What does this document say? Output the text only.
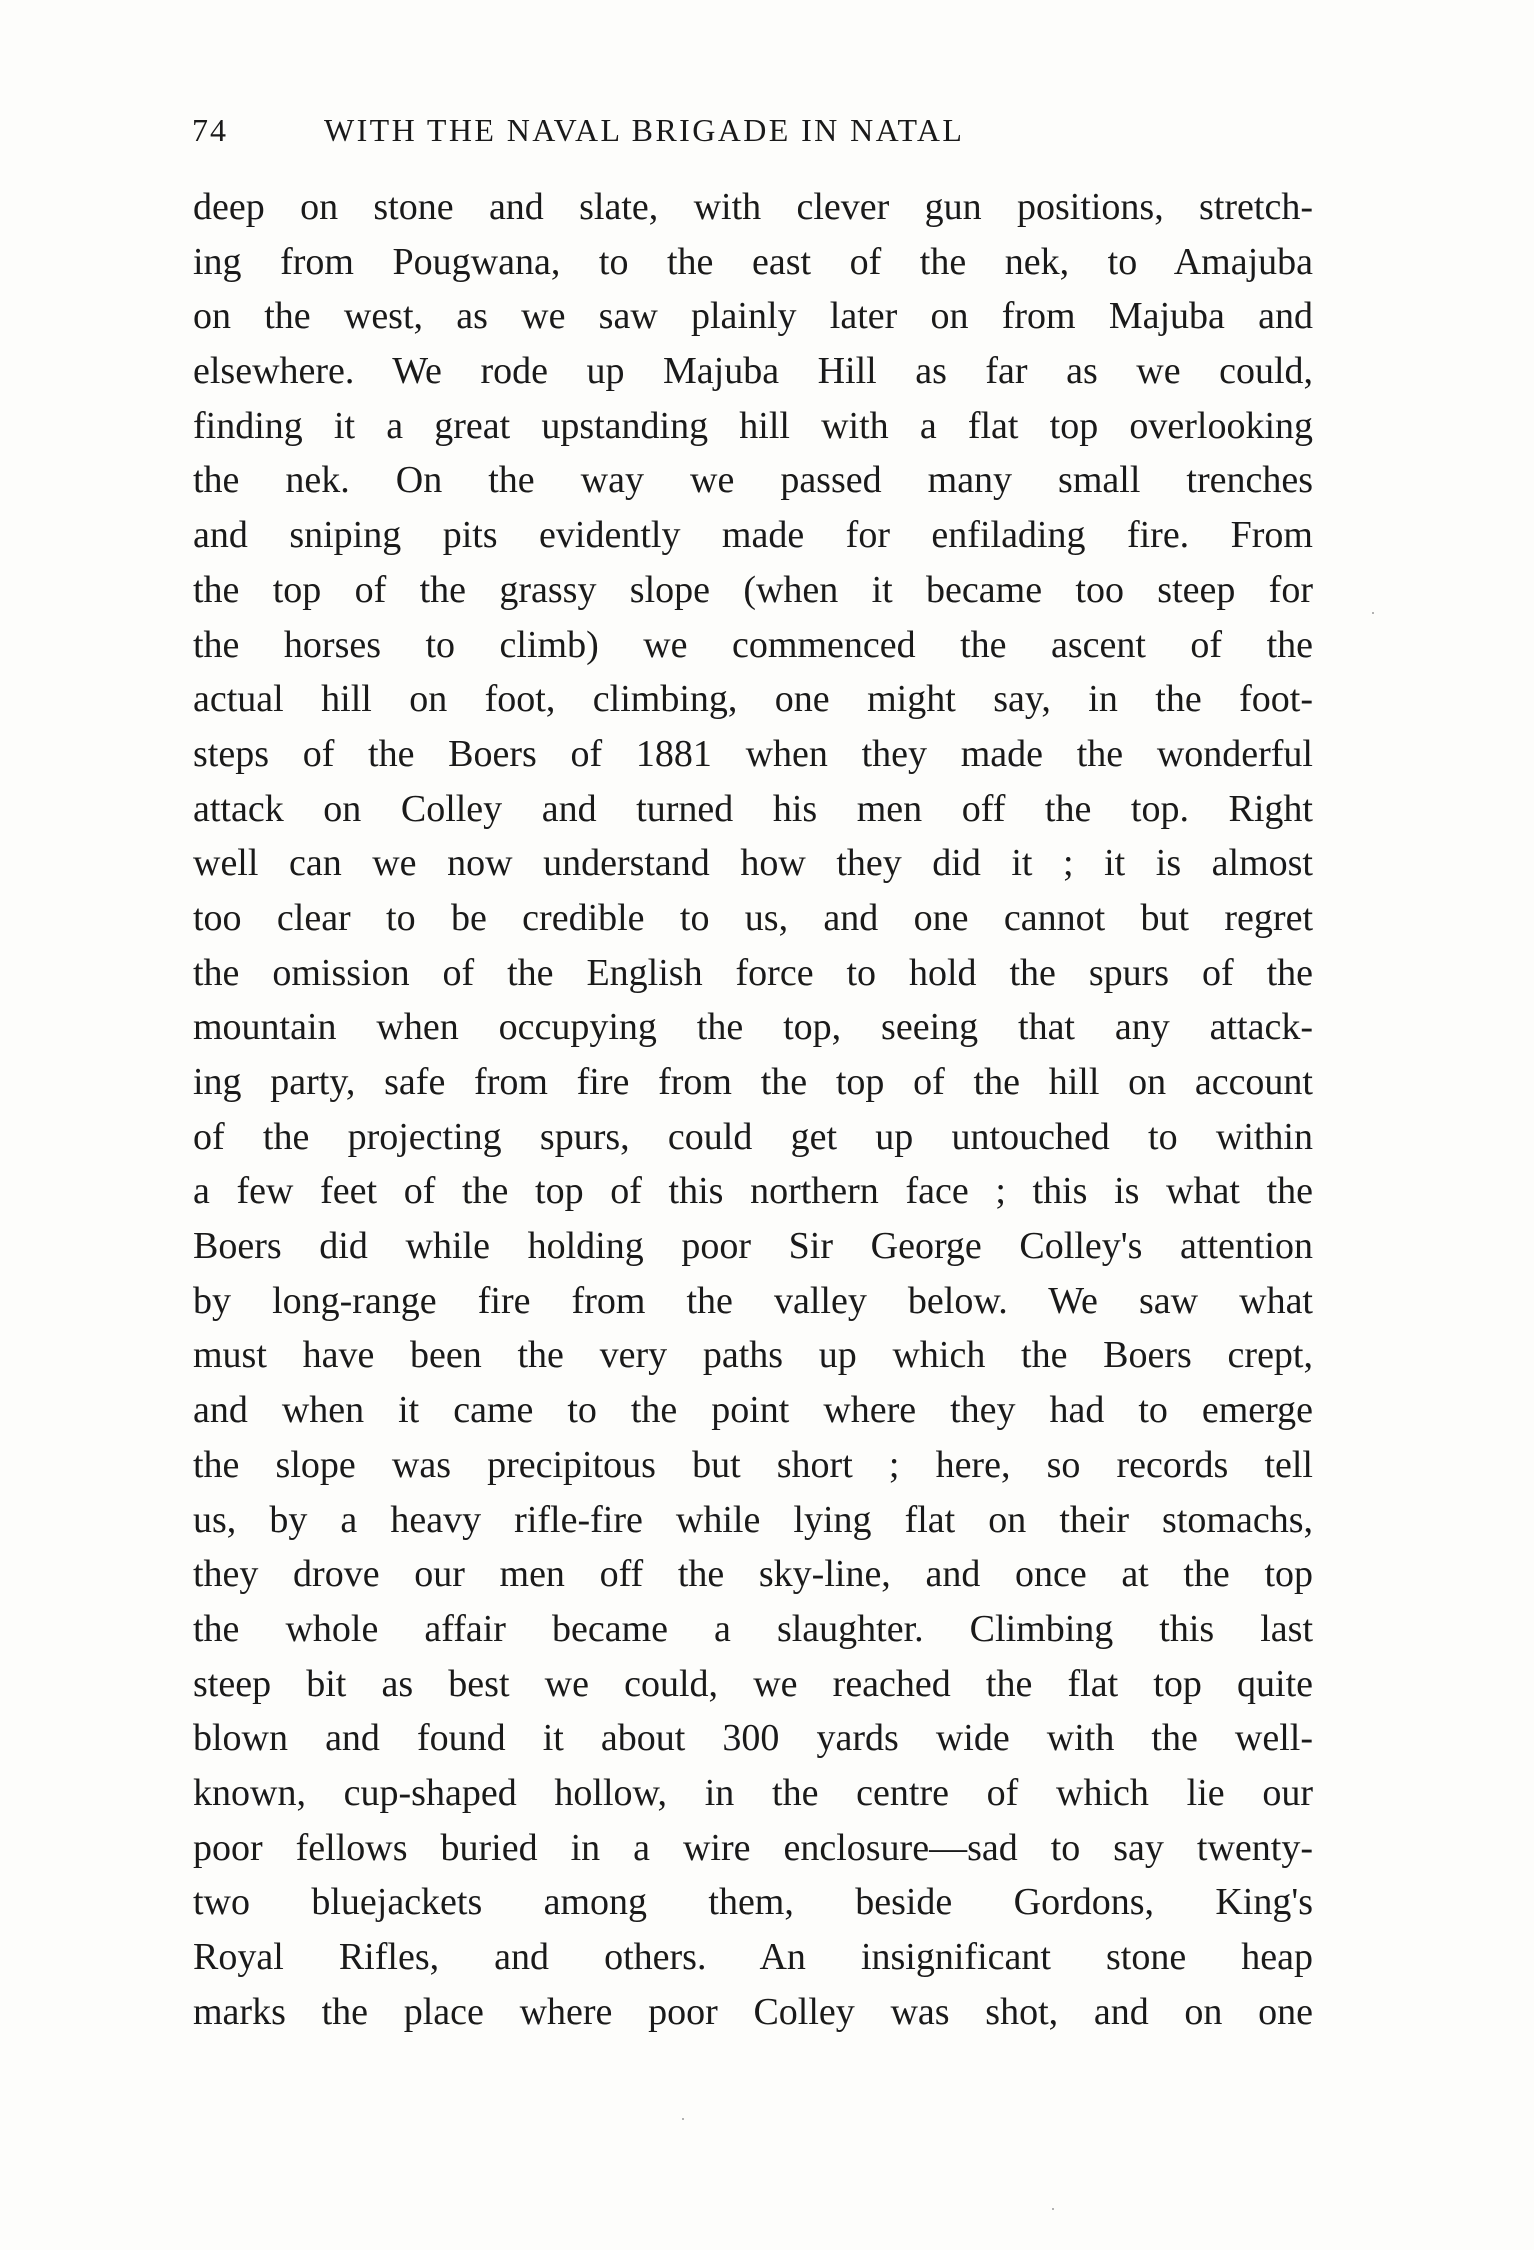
74	WITH THE NAVAL BRIGADE IN NATAL
deep on stone and slate, with clever gun positions, stretch-
ing from Pougwana, to the east of the nek, to Amajuba
on the west, as we saw plainly later on from Majuba and
elsewhere. We rode up Majuba Hill as far as we could,
finding it a great upstanding hill with a flat top overlooking
the nek. On the way we passed many small trenches
and sniping pits evidently made for enfilading fire. From
the top of the grassy slope (when it became too steep for
the horses to climb) we commenced the ascent of the
actual hill on foot, climbing, one might say, in the foot-
steps of the Boers of 1881 when they made the wonderful
attack on Colley and turned his men off the top. Right
well can we now understand how they did it ; it is almost
too clear to be credible to us, and one cannot but regret
the omission of the English force to hold the spurs of the
mountain when occupying the top, seeing that any attack-
ing party, safe from fire from the top of the hill on account
of the projecting spurs, could get up untouched to within
a few feet of the top of this northern face ; this is what the
Boers did while holding poor Sir George Colley's attention
by long-range fire from the valley below. We saw what
must have been the very paths up which the Boers crept,
and when it came to the point where they had to emerge
the slope was precipitous but short ; here, so records tell
us, by a heavy rifle-fire while lying flat on their stomachs,
they drove our men off the sky-line, and once at the top
the whole affair became a slaughter. Climbing this last
steep bit as best we could, we reached the flat top quite
blown and found it about 300 yards wide with the well-
known, cup-shaped hollow, in the centre of which lie our
poor fellows buried in a wire enclosure—sad to say twenty-
two bluejackets among them, beside Gordons, King's
Royal Rifles, and others. An insignificant stone heap
marks the place where poor Colley was shot, and on one
